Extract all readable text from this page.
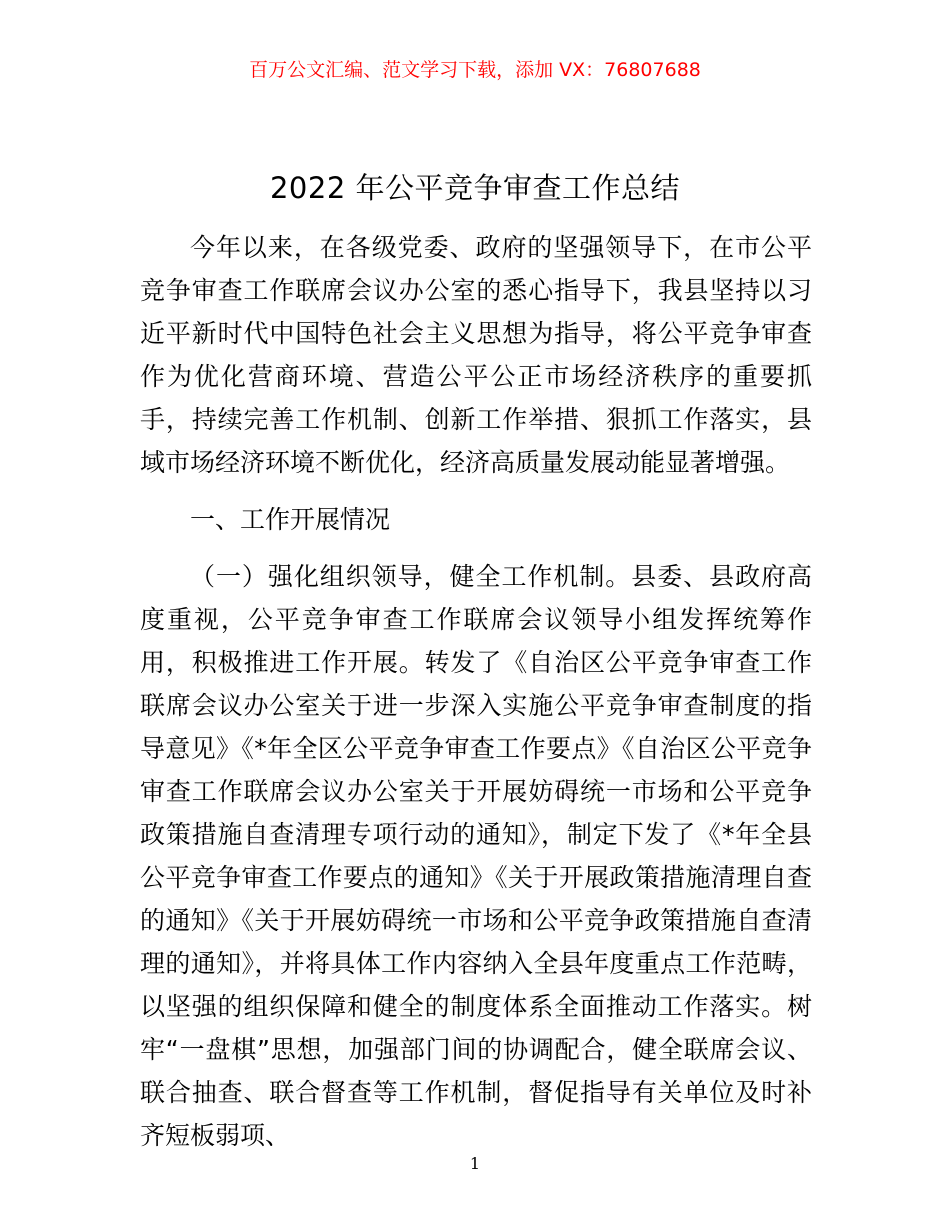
百万公文汇编、范文学习下载，添加 VX：76807688
2022 年公平竞争审查工作总结

今年以来，在各级党委、政府的坚强领导下，在市公平竞争审查工作联席会议办公室的悉心指导下，我县坚持以习近平新时代中国特色社会主义思想为指导，将公平竞争审查作为优化营商环境、营造公平公正市场经济秩序的重要抓手，持续完善工作机制、创新工作举措、狠抓工作落实，县域市场经济环境不断优化，经济高质量发展动能显著增强。

一、工作开展情况

（一）强化组织领导，健全工作机制。县委、县政府高度重视，公平竞争审查工作联席会议领导小组发挥统筹作用，积极推进工作开展。转发了《自治区公平竞争审查工作联席会议办公室关于进一步深入实施公平竞争审查制度的指导意见》《*年全区公平竞争审查工作要点》《自治区公平竞争审查工作联席会议办公室关于开展妨碍统一市场和公平竞争政策措施自查清理专项行动的通知》，制定下发了《*年全县公平竞争审查工作要点的通知》《关于开展政策措施清理自查的通知》《关于开展妨碍统一市场和公平竞争政策措施自查清理的通知》，并将具体工作内容纳入全县年度重点工作范畴，以坚强的组织保障和健全的制度体系全面推动工作落实。树牢“一盘棋”思想，加强部门间的协调配合，健全联席会议、联合抽查、联合督查等工作机制，督促指导有关单位及时补齐短板弱项、

1
